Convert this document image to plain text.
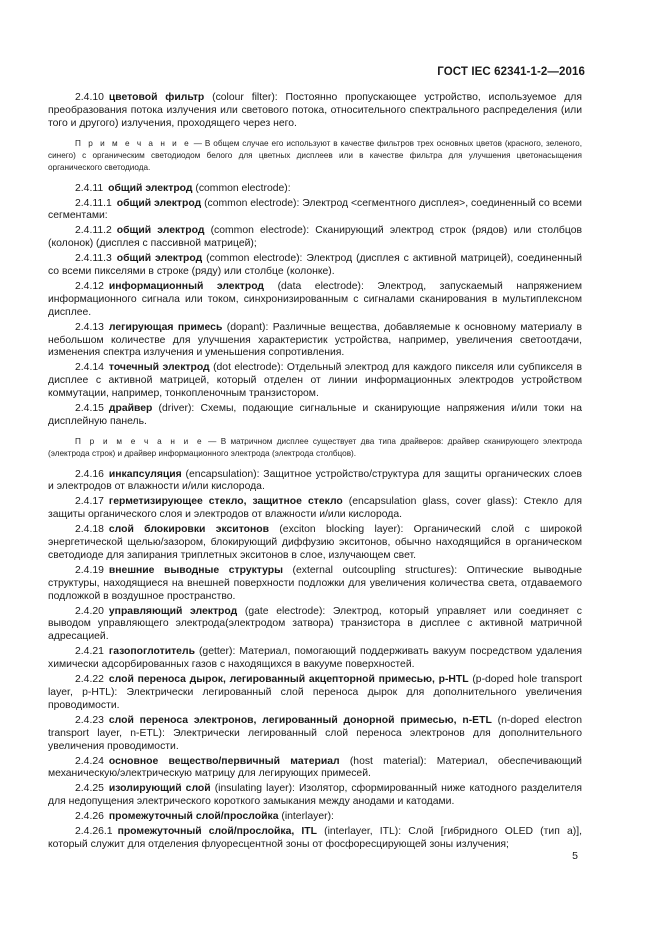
ГОСТ IEC 62341-1-2—2016

2.4.10 цветовой фильтр (colour filter): Постоянно пропускающее устройство, используемое для преобразования потока излучения или светового потока, относительного спектрального распределения (или того и другого) излучения, проходящего через него.

П р и м е ч а н и е — В общем случае его используют в качестве фильтров трех основных цветов (красного, зеленого, синего) с органическим светодиодом белого для цветных дисплеев или в качестве фильтра для улучшения цветонасыщения органического светодиода.

2.4.11 общий электрод (common electrode):

2.4.11.1 общий электрод (common electrode): Электрод <сегментного дисплея>, соединенный со всеми сегментами:

2.4.11.2 общий электрод (common electrode): Сканирующий электрод строк (рядов) или столбцов (колонок) (дисплея с пассивной матрицей);

2.4.11.3 общий электрод (common electrode): Электрод (дисплея с активной матрицей), соединенный со всеми пикселями в строке (ряду) или столбце (колонке).

2.4.12 информационный электрод (data electrode): Электрод, запускаемый напряжением информационного сигнала или током, синхронизированным с сигналами сканирования в мультиплексном дисплее.

2.4.13 легирующая примесь (dopant): Различные вещества, добавляемые к основному материалу в небольшом количестве для улучшения характеристик устройства, например, увеличения светоотдачи, изменения спектра излучения и уменьшения сопротивления.

2.4.14 точечный электрод (dot electrode): Отдельный электрод для каждого пикселя или субпикселя в дисплее с активной матрицей, который отделен от линии информационных электродов устройством коммутации, например, тонкопленочным транзистором.

2.4.15 драйвер (driver): Схемы, подающие сигнальные и сканирующие напряжения и/или токи на дисплейную панель.

П р и м е ч а н и е — В матричном дисплее существует два типа драйверов: драйвер сканирующего электрода (электрода строк) и драйвер информационного электрода (электрода столбцов).

2.4.16 инкапсуляция (encapsulation): Защитное устройство/структура для защиты органических слоев и электродов от влажности и/или кислорода.

2.4.17 герметизирующее стекло, защитное стекло (encapsulation glass, cover glass): Стекло для защиты органического слоя и электродов от влажности и/или кислорода.

2.4.18 слой блокировки экситонов (exciton blocking layer): Органический слой с широкой энергетической щелью/зазором, блокирующий диффузию экситонов, обычно находящийся в органическом светодиоде для запирания триплетных экситонов в слое, излучающем свет.

2.4.19 внешние выводные структуры (external outcoupling structures): Оптические выводные структуры, находящиеся на внешней поверхности подложки для увеличения количества света, отдаваемого подложкой в воздушное пространство.

2.4.20 управляющий электрод (gate electrode): Электрод, который управляет или соединяет с выводом управляющего электрода(электродом затвора) транзистора в дисплее с активной матричной адресацией.

2.4.21 газопоглотитель (getter): Материал, помогающий поддерживать вакуум посредством удаления химически адсорбированных газов с находящихся в вакууме поверхностей.

2.4.22 слой переноса дырок, легированный акцепторной примесью, p-HTL (p-doped hole transport layer, p-HTL): Электрически легированный слой переноса дырок для дополнительного увеличения проводимости.

2.4.23 слой переноса электронов, легированный донорной примесью, n-ETL (n-doped electron transport layer, n-ETL): Электрически легированный слой переноса электронов для дополнительного увеличения проводимости.

2.4.24 основное вещество/первичный материал (host material): Материал, обеспечивающий механическую/электрическую матрицу для легирующих примесей.

2.4.25 изолирующий слой (insulating layer): Изолятор, сформированный ниже катодного разделителя для недопущения электрического короткого замыкания между анодами и катодами.

2.4.26 промежуточный слой/прослойка (interlayer):

2.4.26.1 промежуточный слой/прослойка, ITL (interlayer, ITL): Слой [гибридного OLED (тип a)], который служит для отделения флуоресцентной зоны от фосфоресцирующей зоны излучения;

5
